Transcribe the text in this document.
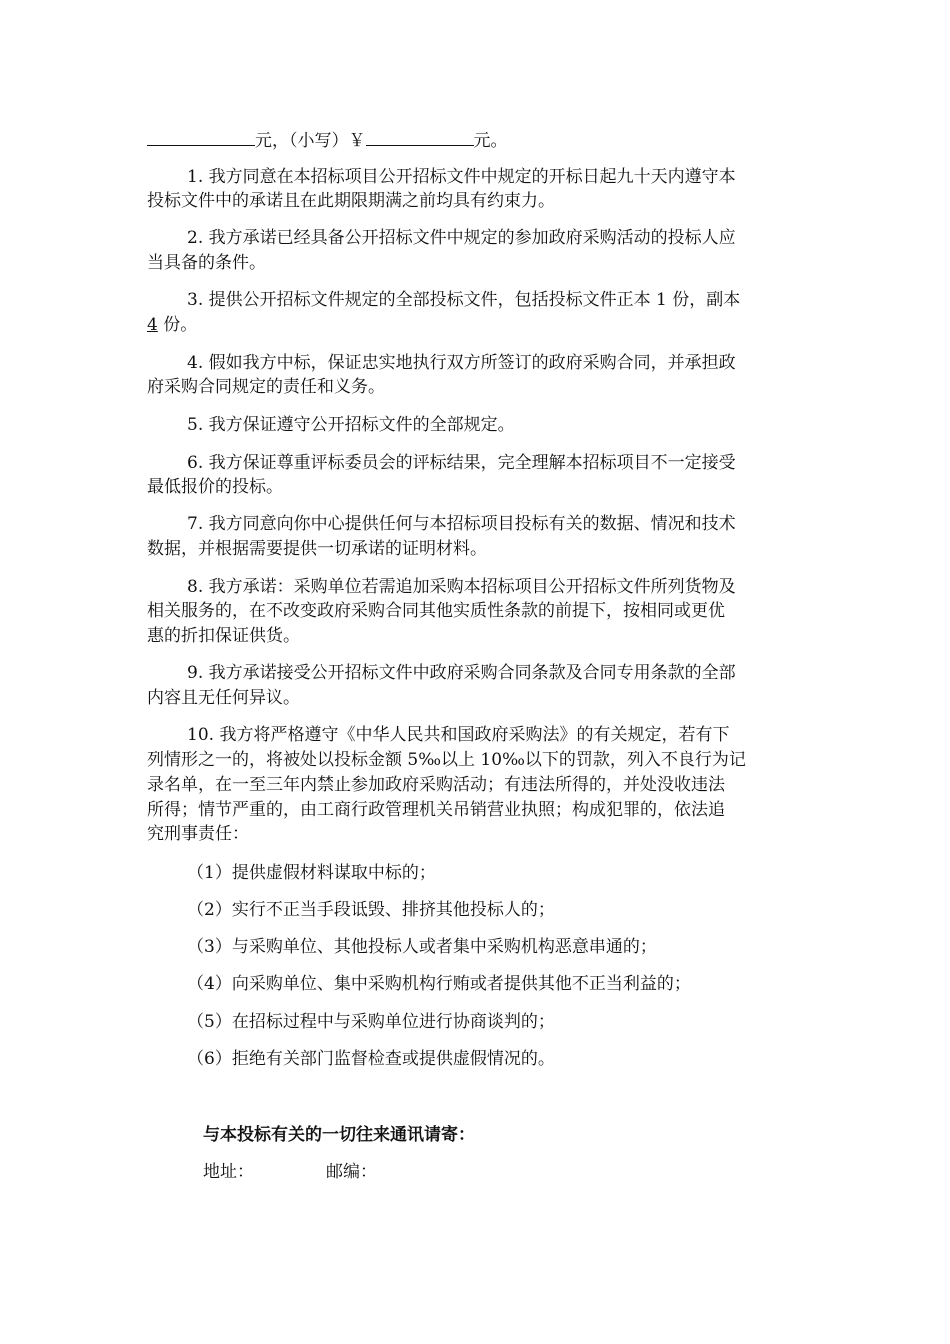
元，（小写）￥	元。
1. 我方同意在本招标项目公开招标文件中规定的开标日起九十天内遵守本
投标文件中的承诺且在此期限期满之前均具有约束力。
2. 我方承诺已经具备公开招标文件中规定的参加政府采购活动的投标人应
当具备的条件。
3. 提供公开招标文件规定的全部投标文件，包括投标文件正本 1 份，副本
4 份。
4. 假如我方中标，保证忠实地执行双方所签订的政府采购合同，并承担政
府采购合同规定的责任和义务。
5. 我方保证遵守公开招标文件的全部规定。
6. 我方保证尊重评标委员会的评标结果，完全理解本招标项目不一定接受
最低报价的投标。
7. 我方同意向你中心提供任何与本招标项目投标有关的数据、情况和技术
数据，并根据需要提供一切承诺的证明材料。
8. 我方承诺：采购单位若需追加采购本招标项目公开招标文件所列货物及
相关服务的，在不改变政府采购合同其他实质性条款的前提下，按相同或更优
惠的折扣保证供货。
9. 我方承诺接受公开招标文件中政府采购合同条款及合同专用条款的全部
内容且无任何异议。
10. 我方将严格遵守《中华人民共和国政府采购法》的有关规定，若有下
列情形之一的，将被处以投标金额 5‰以上 10‰以下的罚款，列入不良行为记
录名单，在一至三年内禁止参加政府采购活动；有违法所得的，并处没收违法
所得；情节严重的，由工商行政管理机关吊销营业执照；构成犯罪的，依法追
究刑事责任：
（1）提供虚假材料谋取中标的；
（2）实行不正当手段诋毁、排挤其他投标人的；
（3）与采购单位、其他投标人或者集中采购机构恶意串通的；
（4）向采购单位、集中采购机构行贿或者提供其他不正当利益的；
（5）在招标过程中与采购单位进行协商谈判的；
（6）拒绝有关部门监督检查或提供虚假情况的。
与本投标有关的一切往来通讯请寄：
地址：	邮编：
